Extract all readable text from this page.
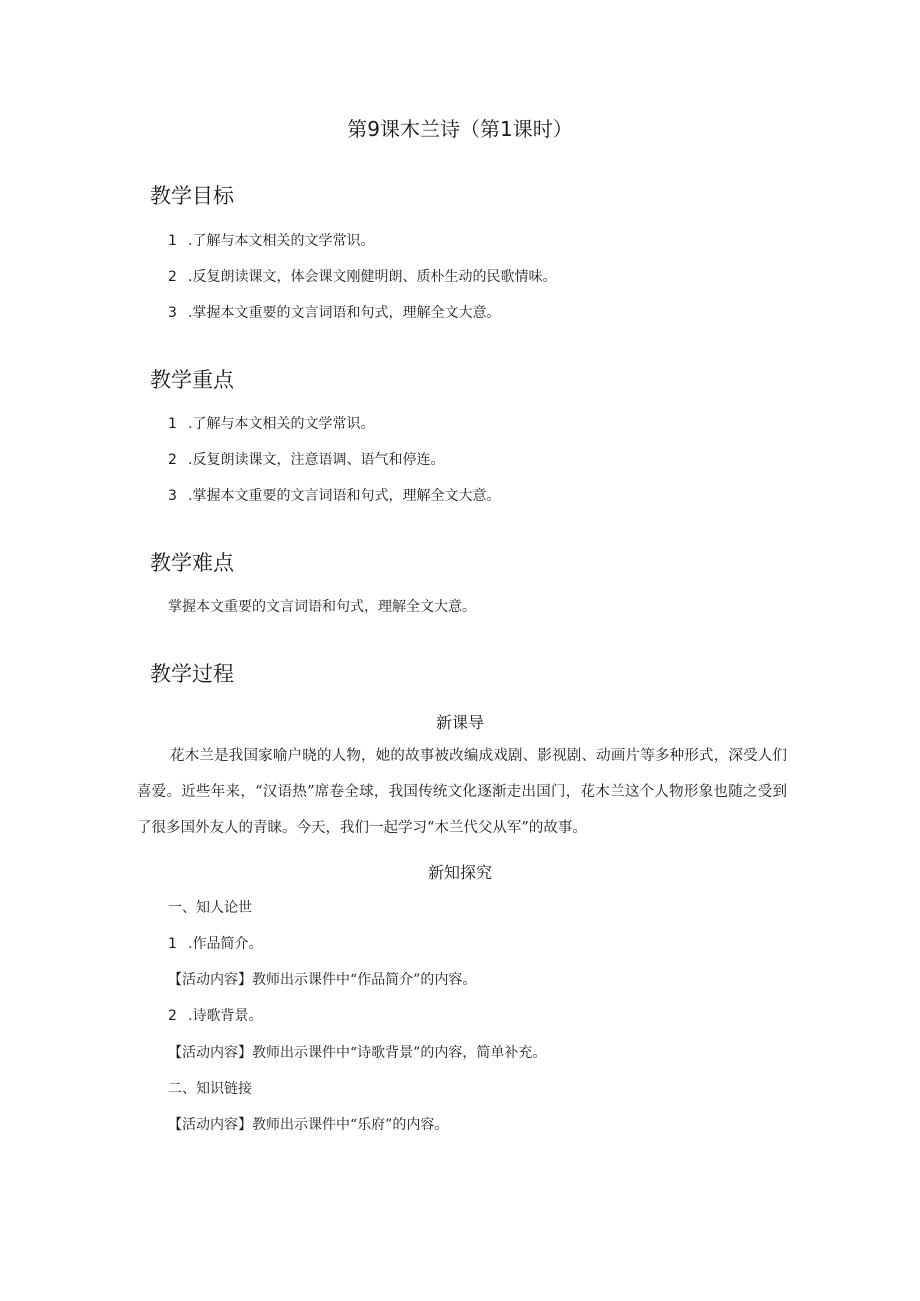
第9课木兰诗（第1课时）
教学目标
1 .了解与本文相关的文学常识。
2 .反复朗读课文，体会课文刚健明朗、质朴生动的民歌情味。
3 .掌握本文重要的文言词语和句式，理解全文大意。
教学重点
1 .了解与本文相关的文学常识。
2 .反复朗读课文，注意语调、语气和停连。
3 .掌握本文重要的文言词语和句式，理解全文大意。
教学难点
掌握本文重要的文言词语和句式，理解全文大意。
教学过程
新课导
花木兰是我国家喻户晓的人物，她的故事被改编成戏剧、影视剧、动画片等多种形式，深受人们喜爱。近些年来，“汉语热”席卷全球，我国传统文化逐渐走出国门，花木兰这个人物形象也随之受到了很多国外友人的青睐。今天，我们一起学习“木兰代父从军”的故事。
新知探究
一、知人论世
1 .作品简介。
【活动内容】教师出示课件中“作品简介”的内容。
2 .诗歌背景。
【活动内容】教师出示课件中“诗歌背景”的内容，简单补充。
二、知识链接
【活动内容】教师出示课件中“乐府”的内容。
